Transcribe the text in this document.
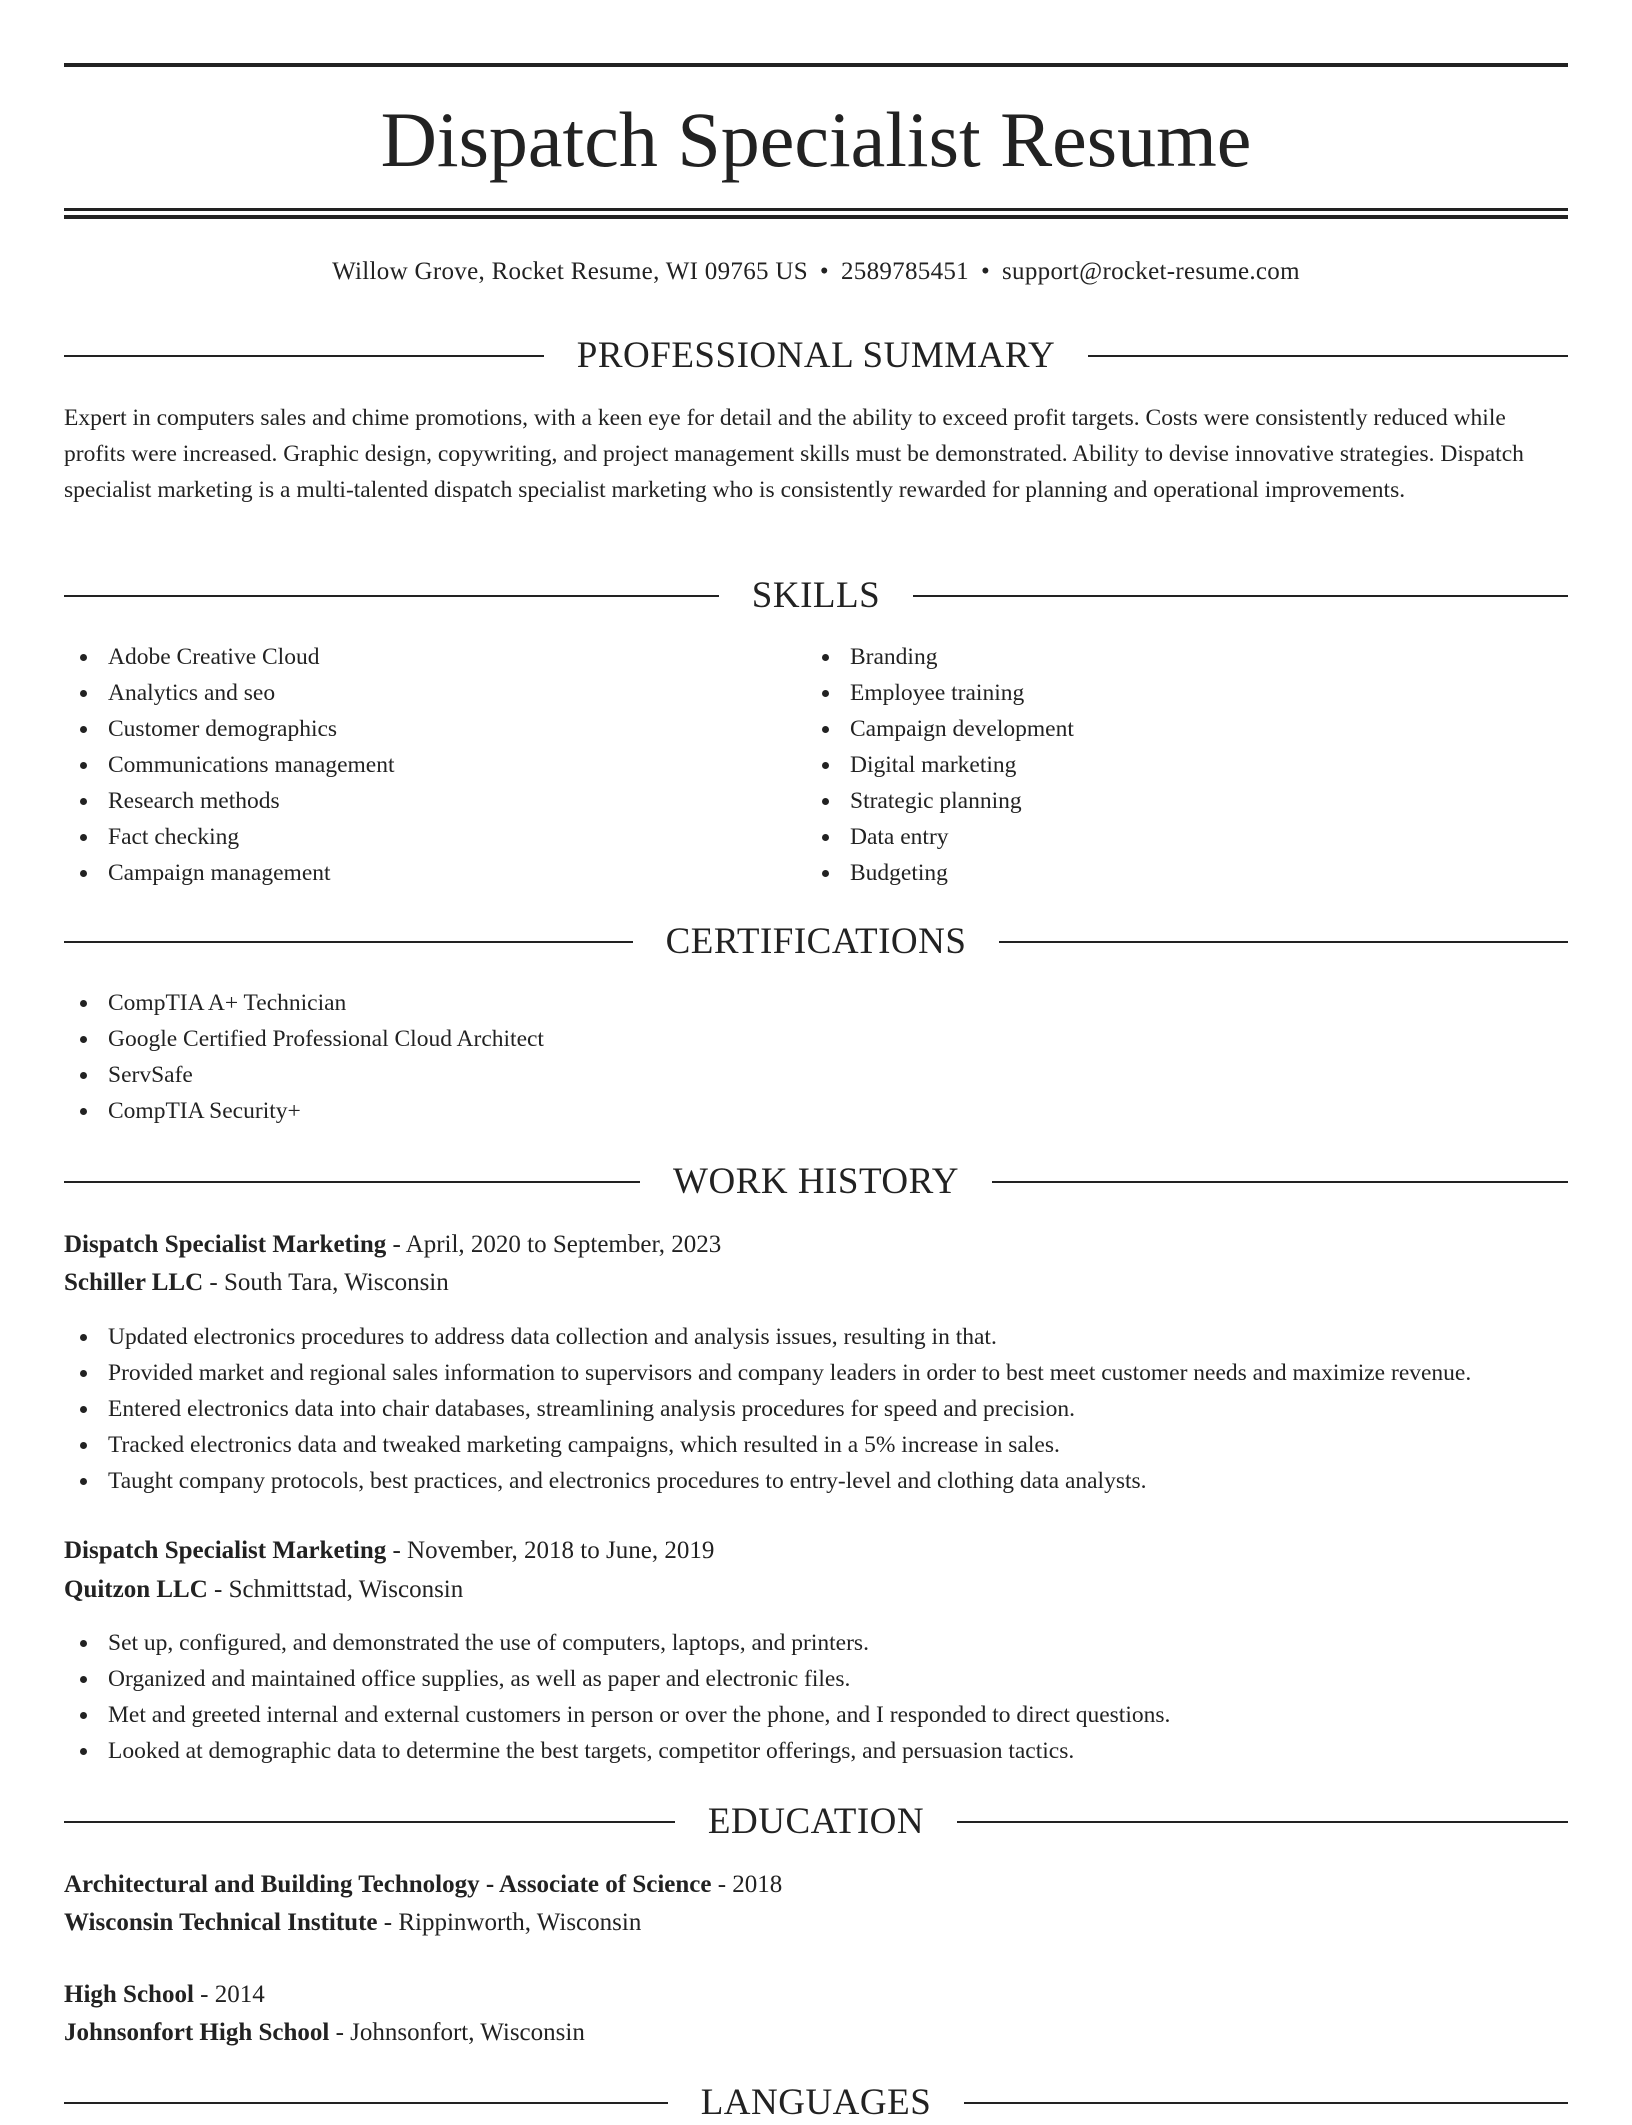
Dispatch Specialist Resume
Willow Grove, Rocket Resume, WI 09765 US • 2589785451 • support@rocket-resume.com
PROFESSIONAL SUMMARY

Expert in computers sales and chime promotions, with a keen eye for detail and the ability to exceed profit targets. Costs were consistently reduced while profits were increased. Graphic design, copywriting, and project management skills must be demonstrated. Ability to devise innovative strategies. Dispatch specialist marketing is a multi-talented dispatch specialist marketing who is consistently rewarded for planning and operational improvements.

SKILLS
Adobe Creative Cloud
Analytics and seo
Customer demographics
Communications management
Research methods
Fact checking
Campaign management
Branding
Employee training
Campaign development
Digital marketing
Strategic planning
Data entry
Budgeting
CERTIFICATIONS
CompTIA A+ Technician
Google Certified Professional Cloud Architect
ServSafe
CompTIA Security+
WORK HISTORY
Dispatch Specialist Marketing - April, 2020 to September, 2023
Schiller LLC - South Tara, Wisconsin
Updated electronics procedures to address data collection and analysis issues, resulting in that.
Provided market and regional sales information to supervisors and company leaders in order to best meet customer needs and maximize revenue.
Entered electronics data into chair databases, streamlining analysis procedures for speed and precision.
Tracked electronics data and tweaked marketing campaigns, which resulted in a 5% increase in sales.
Taught company protocols, best practices, and electronics procedures to entry-level and clothing data analysts.
Dispatch Specialist Marketing - November, 2018 to June, 2019
Quitzon LLC - Schmittstad, Wisconsin
Set up, configured, and demonstrated the use of computers, laptops, and printers.
Organized and maintained office supplies, as well as paper and electronic files.
Met and greeted internal and external customers in person or over the phone, and I responded to direct questions.
Looked at demographic data to determine the best targets, competitor offerings, and persuasion tactics.
EDUCATION
Architectural and Building Technology - Associate of Science - 2018
Wisconsin Technical Institute - Rippinworth, Wisconsin
High School - 2014
Johnsonfort High School - Johnsonfort, Wisconsin
LANGUAGES
